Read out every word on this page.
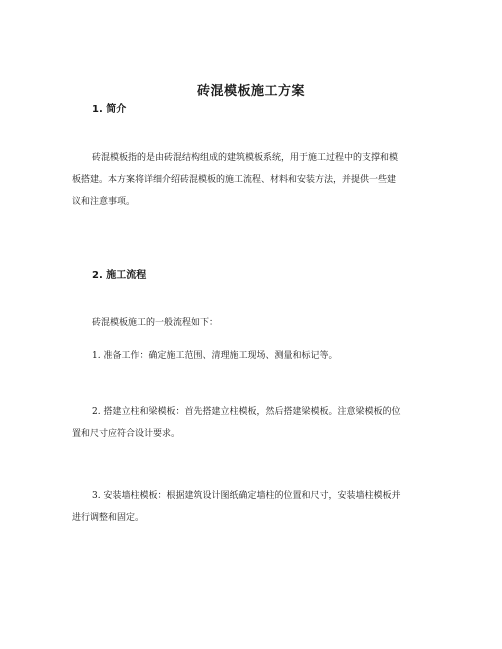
砖混模板施工方案
1. 简介
砖混模板指的是由砖混结构组成的建筑模板系统，用于施工过程中的支撑和模
板搭建。本方案将详细介绍砖混模板的施工流程、材料和安装方法，并提供一些建
议和注意事项。
2. 施工流程
砖混模板施工的一般流程如下：
1. 准备工作：确定施工范围、清理施工现场、测量和标记等。
2. 搭建立柱和梁模板：首先搭建立柱模板，然后搭建梁模板。注意梁模板的位
置和尺寸应符合设计要求。
3. 安装墙柱模板：根据建筑设计图纸确定墙柱的位置和尺寸，安装墙柱模板并
进行调整和固定。
